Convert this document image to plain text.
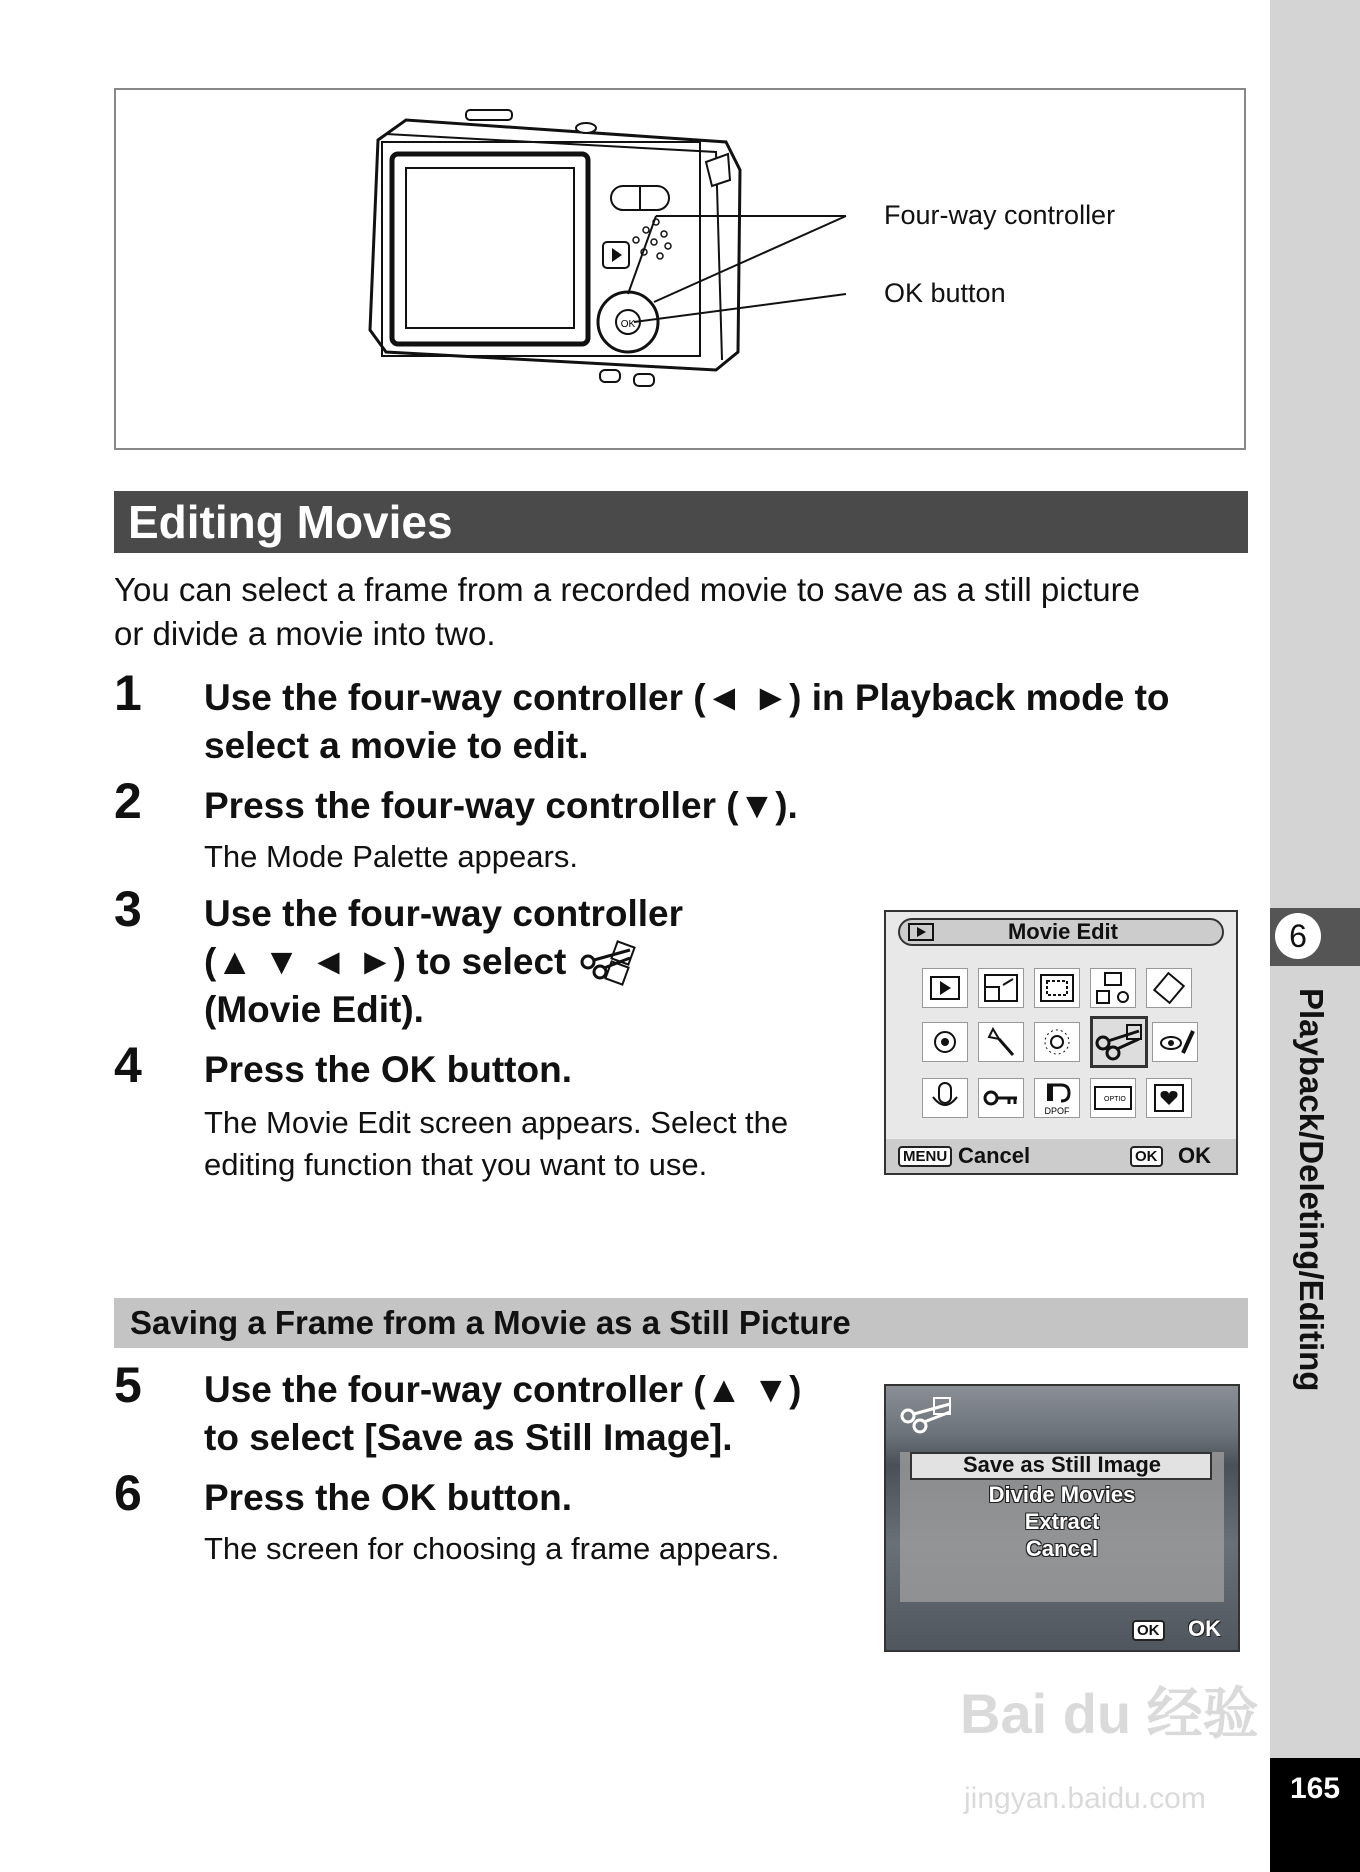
6
Playback/Deleting/Editing
165
OK
Four-way controller
OK button
Editing Movies
You can select a frame from a recorded movie to save as a still picture
or divide a movie into two.
1 Use the four-way controller (◄ ►) in Playback mode to
select a movie to edit.
2 Press the four-way controller (▼).
The Mode Palette appears.
3 Use the four-way controller
(▲ ▼ ◄ ►) to select
(Movie Edit).
4 Press the OK button.
The Movie Edit screen appears. Select the
editing function that you want to use.
Movie Edit
DPOF
OPTIO
MENU Cancel	OK OK
Saving a Frame from a Movie as a Still Picture
5 Use the four-way controller (▲ ▼)
to select [Save as Still Image].
6 Press the OK button.
The screen for choosing a frame appears.
Save as Still Image
Divide Movies
Extract
Cancel
OK OK
Bai du 经验
jingyan.baidu.com
